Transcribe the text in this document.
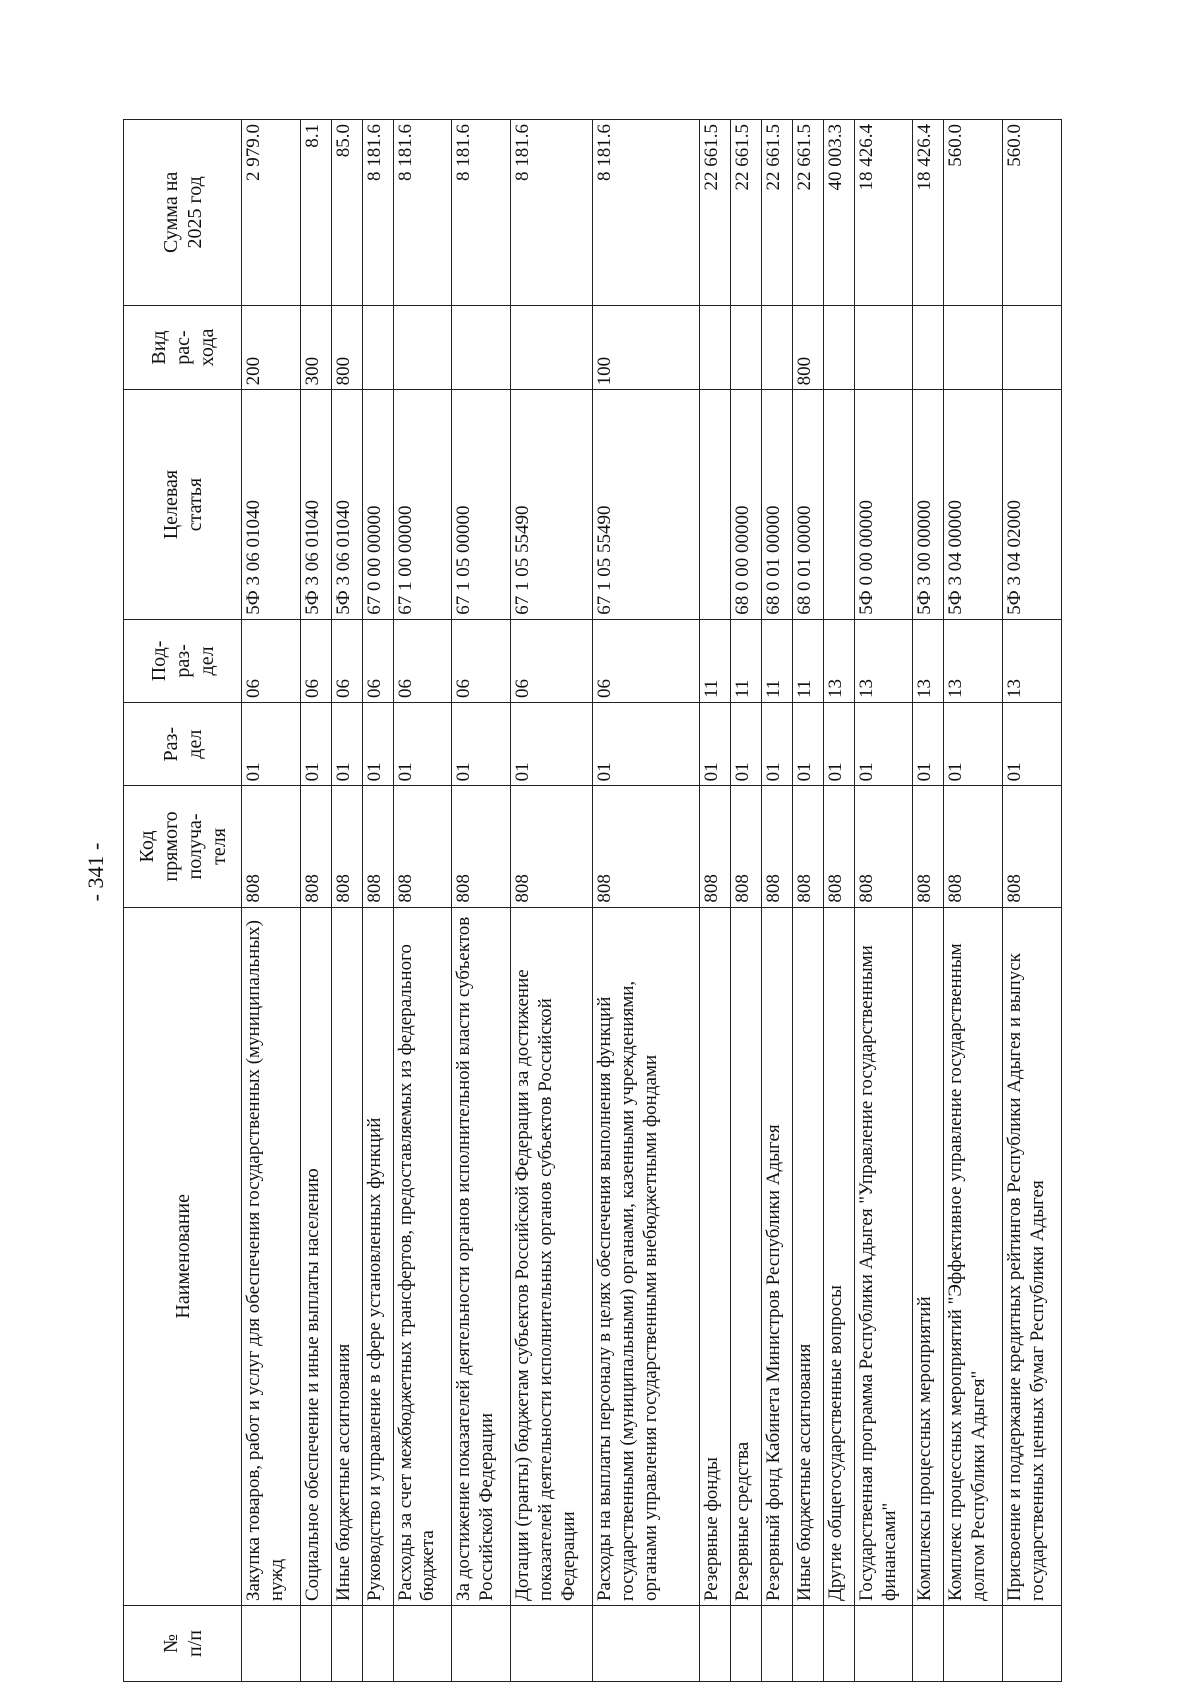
- 341 -
№
п/п	Наименование	Код
прямого
получа-
теля	Раз-
дел	Под-
раз-
дел	Целевая
статья	Вид
рас-
хода	Сумма на
2025 год
	Закупка товаров, работ и услуг для обеспечения государственных (муниципальных) нужд	808	01	06	5Ф 3 06 01040	200	2 979.0
	Социальное обеспечение и иные выплаты населению	808	01	06	5Ф 3 06 01040	300	8.1
	Иные бюджетные ассигнования	808	01	06	5Ф 3 06 01040	800	85.0
	Руководство и управление в сфере установленных функций	808	01	06	67 0 00 00000		8 181.6
	Расходы за счет межбюджетных трансфертов, предоставляемых из федерального бюджета	808	01	06	67 1 00 00000		8 181.6
	За достижение показателей деятельности органов исполнительной власти субъектов Российской Федерации	808	01	06	67 1 05 00000		8 181.6
	Дотации (гранты) бюджетам субъектов Российской Федерации за достижение показателей деятельности исполнительных органов субъектов Российской Федерации	808	01	06	67 1 05 55490		8 181.6
	Расходы на выплаты персоналу в целях обеспечения выполнения функций государственными (муниципальными) органами, казенными учреждениями, органами управления государственными внебюджетными фондами	808	01	06	67 1 05 55490	100	8 181.6
	Резервные фонды	808	01	11			22 661.5
	Резервные средства	808	01	11	68 0 00 00000		22 661.5
	Резервный фонд Кабинета Министров Республики Адыгея	808	01	11	68 0 01 00000		22 661.5
	Иные бюджетные ассигнования	808	01	11	68 0 01 00000	800	22 661.5
	Другие общегосударственные вопросы	808	01	13			40 003.3
	Государственная программа Республики Адыгея "Управление государственными финансами"	808	01	13	5Ф 0 00 00000		18 426.4
	Комплексы процессных мероприятий	808	01	13	5Ф 3 00 00000		18 426.4
	Комплекс процессных мероприятий "Эффективное управление государственным долгом Республики Адыгея"	808	01	13	5Ф 3 04 00000		560.0
	Присвоение и поддержание кредитных рейтингов Республики Адыгея и выпуск государственных ценных бумаг Республики Адыгея	808	01	13	5Ф 3 04 02000		560.0
